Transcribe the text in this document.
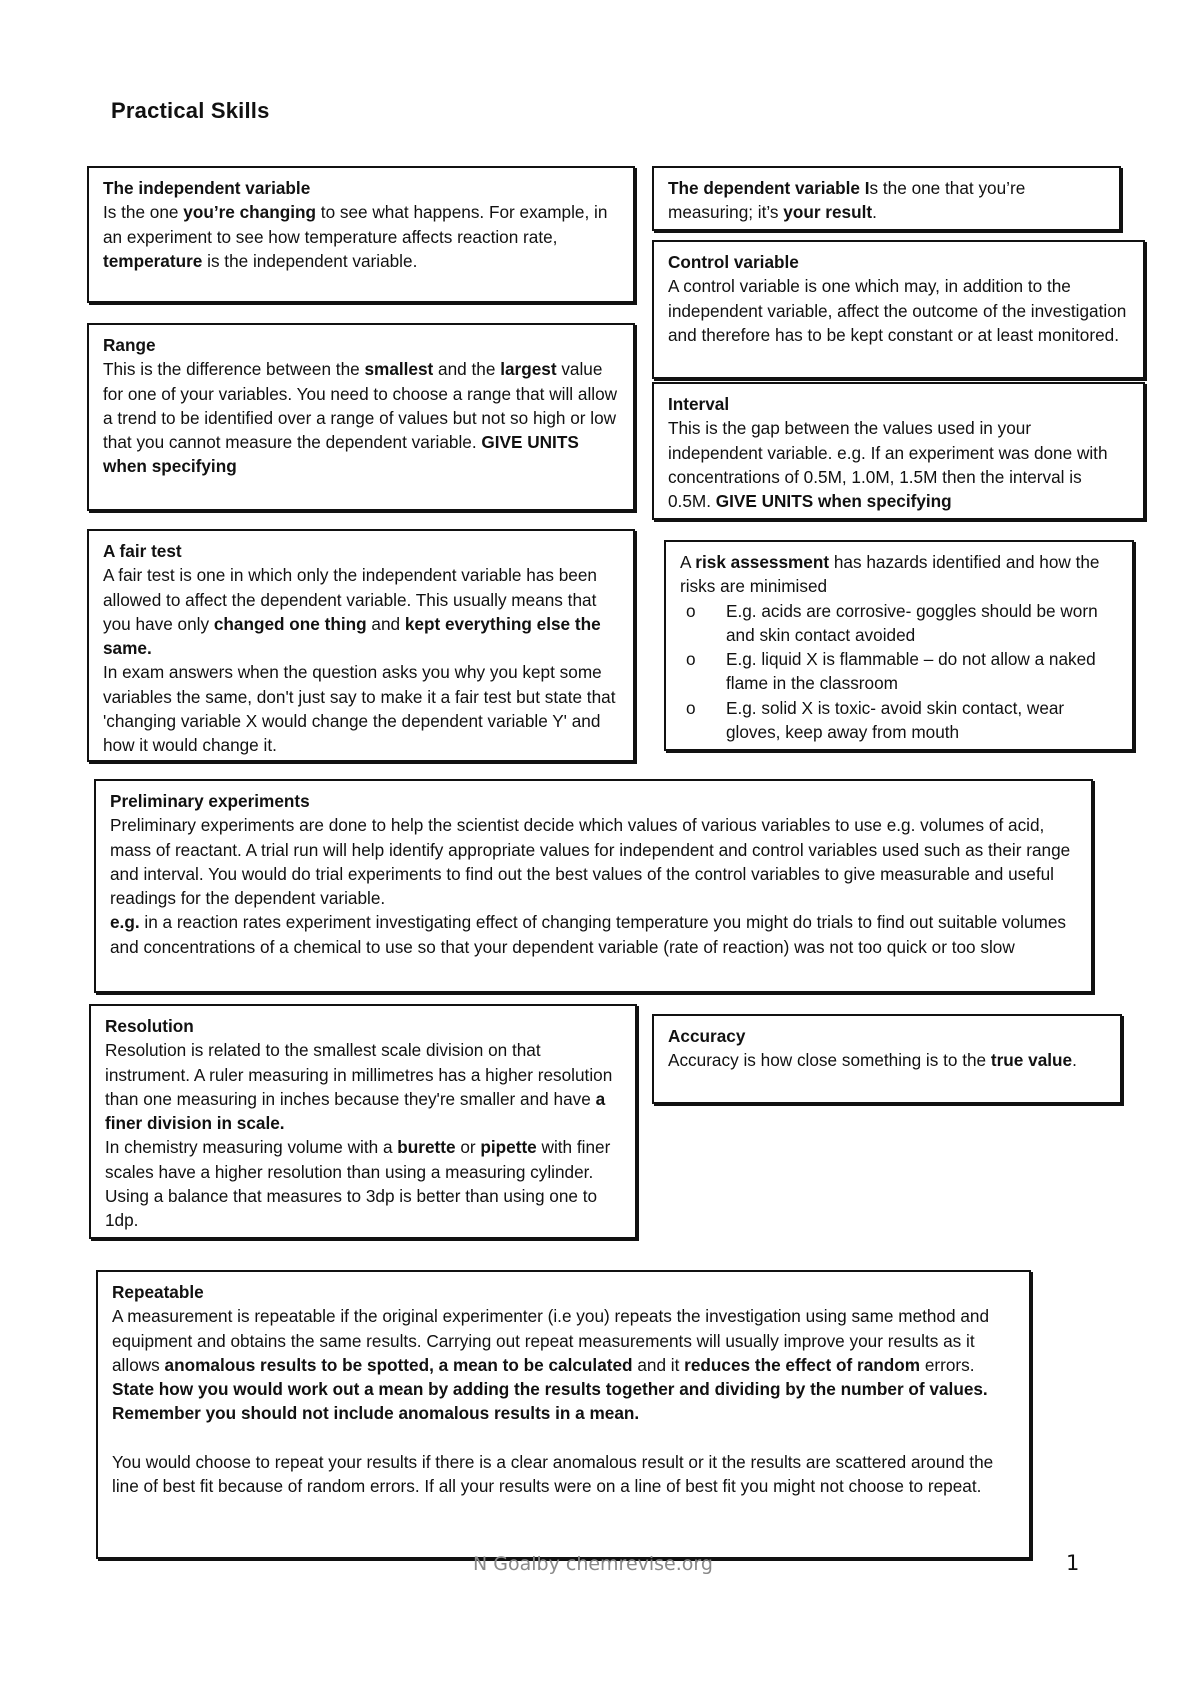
Practical Skills
The independent variable

Is the one you’re changing to see what happens. For example, in an experiment to see how temperature affects reaction rate, temperature is the independent variable.

The dependent variable Is the one that you’re measuring; it’s your result.

Control variable

A control variable is one which may, in addition to the independent variable, affect the outcome of the investigation and therefore has to be kept constant or at least monitored.

Range

This is the difference between the smallest and the largest value for one of your variables. You need to choose a range that will allow a trend to be identified over a range of values but not so high or low that you cannot measure the dependent variable. GIVE UNITS when specifying

Interval

This is the gap between the values used in your independent variable. e.g. If an experiment was done with concentrations of 0.5M, 1.0M, 1.5M then the interval is 0.5M. GIVE UNITS when specifying

A fair test

A fair test is one in which only the independent variable has been allowed to affect the dependent variable. This usually means that you have only changed one thing and kept everything else the same.

In exam answers when the question asks you why you kept some variables the same, don't just say to make it a fair test but state that 'changing variable X would change the dependent variable Y' and how it would change it.

A risk assessment has hazards identified and how the risks are minimised

o E.g. acids are corrosive- goggles should be worn and skin contact avoided
o E.g. liquid X is flammable – do not allow a naked flame in the classroom
o E.g. solid X is toxic- avoid skin contact, wear gloves, keep away from mouth
Preliminary experiments

Preliminary experiments are done to help the scientist decide which values of various variables to use e.g. volumes of acid, mass of reactant. A trial run will help identify appropriate values for independent and control variables used such as their range and interval. You would do trial experiments to find out the best values of the control variables to give measurable and useful readings for the dependent variable.

e.g. in a reaction rates experiment investigating effect of changing temperature you might do trials to find out suitable volumes and concentrations of a chemical to use so that your dependent variable (rate of reaction) was not too quick or too slow

Resolution

Resolution is related to the smallest scale division on that instrument. A ruler measuring in millimetres has a higher resolution than one measuring in inches because they're smaller and have a finer division in scale.

In chemistry measuring volume with a burette or pipette with finer scales have a higher resolution than using a measuring cylinder. Using a balance that measures to 3dp is better than using one to 1dp.

Accuracy

Accuracy is how close something is to the true value.

Repeatable

A measurement is repeatable if the original experimenter (i.e you) repeats the investigation using same method and equipment and obtains the same results. Carrying out repeat measurements will usually improve your results as it allows anomalous results to be spotted, a mean to be calculated and it reduces the effect of random errors. State how you would work out a mean by adding the results together and dividing by the number of values. Remember you should not include anomalous results in a mean.

You would choose to repeat your results if there is a clear anomalous result or it the results are scattered around the line of best fit because of random errors. If all your results were on a line of best fit you might not choose to repeat.

N Goalby chemrevise.org	1
